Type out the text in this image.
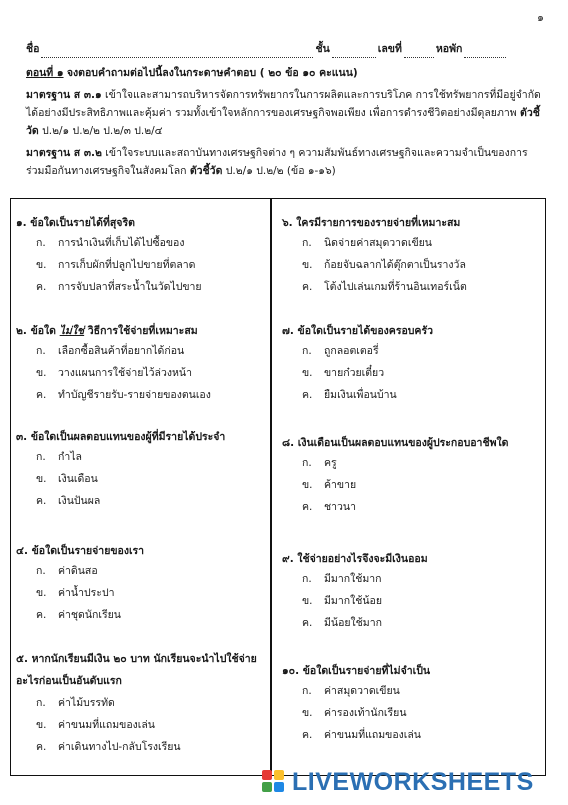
๑
ชื่อ	ชั้น	เลขที่	หอพัก
ตอนที่ ๑ จงตอบคำถามต่อไปนี้ลงในกระดาษคำตอบ ( ๒๐ ข้อ ๑๐ คะแนน)

มาตรฐาน ส ๓.๑ เข้าใจและสามารถบริหารจัดการทรัพยากรในการผลิตและการบริโภค การใช้ทรัพยากรที่มีอยู่จำกัดได้อย่างมีประสิทธิภาพและคุ้มค่า รวมทั้งเข้าใจหลักการของเศรษฐกิจพอเพียง เพื่อการดำรงชีวิตอย่างมีดุลยภาพ ตัวชี้วัด ป.๒/๑ ป.๒/๒ ป.๒/๓ ป.๒/๔

มาตรฐาน ส ๓.๒ เข้าใจระบบและสถาบันทางเศรษฐกิจต่าง ๆ ความสัมพันธ์ทางเศรษฐกิจและความจำเป็นของการร่วมมือกันทางเศรษฐกิจในสังคมโลก ตัวชี้วัด ป.๒/๑ ป.๒/๒ (ข้อ ๑-๑๖)

๑. ข้อใดเป็นรายได้ที่สุจริต
ก. การนำเงินที่เก็บได้ไปซื้อของ
ข. การเก็บผักที่ปลูกไปขายที่ตลาด
ค. การจับปลาที่สระน้ำในวัดไปขาย
๒. ข้อใด ไม่ใช่ วิธีการใช้จ่ายที่เหมาะสม
ก. เลือกซื้อสินค้าที่อยากได้ก่อน
ข. วางแผนการใช้จ่ายไว้ล่วงหน้า
ค. ทำบัญชีรายรับ-รายจ่ายของตนเอง
๓. ข้อใดเป็นผลตอบแทนของผู้ที่มีรายได้ประจำ
ก. กำไล
ข. เงินเดือน
ค. เงินปันผล
๔. ข้อใดเป็นรายจ่ายของเรา
ก. ค่าดินสอ
ข. ค่าน้ำประปา
ค. ค่าชุดนักเรียน
๕. หากนักเรียนมีเงิน ๒๐ บาท นักเรียนจะนำไปใช้จ่ายอะไรก่อนเป็นอันดับแรก
ก. ค่าไม้บรรทัด
ข. ค่าขนมที่แถมของเล่น
ค. ค่าเดินทางไป-กลับโรงเรียน
๖. ใครมีรายการของรายจ่ายที่เหมาะสม
ก. นิดจ่ายค่าสมุดวาดเขียน
ข. ก้อยจับฉลากได้ตุ๊กตาเป็นรางวัล
ค. โต้งไปเล่นเกมที่ร้านอินเทอร์เน็ต
๗. ข้อใดเป็นรายได้ของครอบครัว
ก. ถูกลอตเตอรี่
ข. ขายก๋วยเตี๋ยว
ค. ยืมเงินเพื่อนบ้าน
๘. เงินเดือนเป็นผลตอบแทนของผู้ประกอบอาชีพใด
ก. ครู
ข. ค้าขาย
ค. ชาวนา
๙. ใช้จ่ายอย่างไรจึงจะมีเงินออม
ก. มีมากใช้มาก
ข. มีมากใช้น้อย
ค. มีน้อยใช้มาก
๑๐. ข้อใดเป็นรายจ่ายที่ไม่จำเป็น
ก. ค่าสมุดวาดเขียน
ข. ค่ารองเท้านักเรียน
ค. ค่าขนมที่แถมของเล่น
LIVEWORKSHEETS
